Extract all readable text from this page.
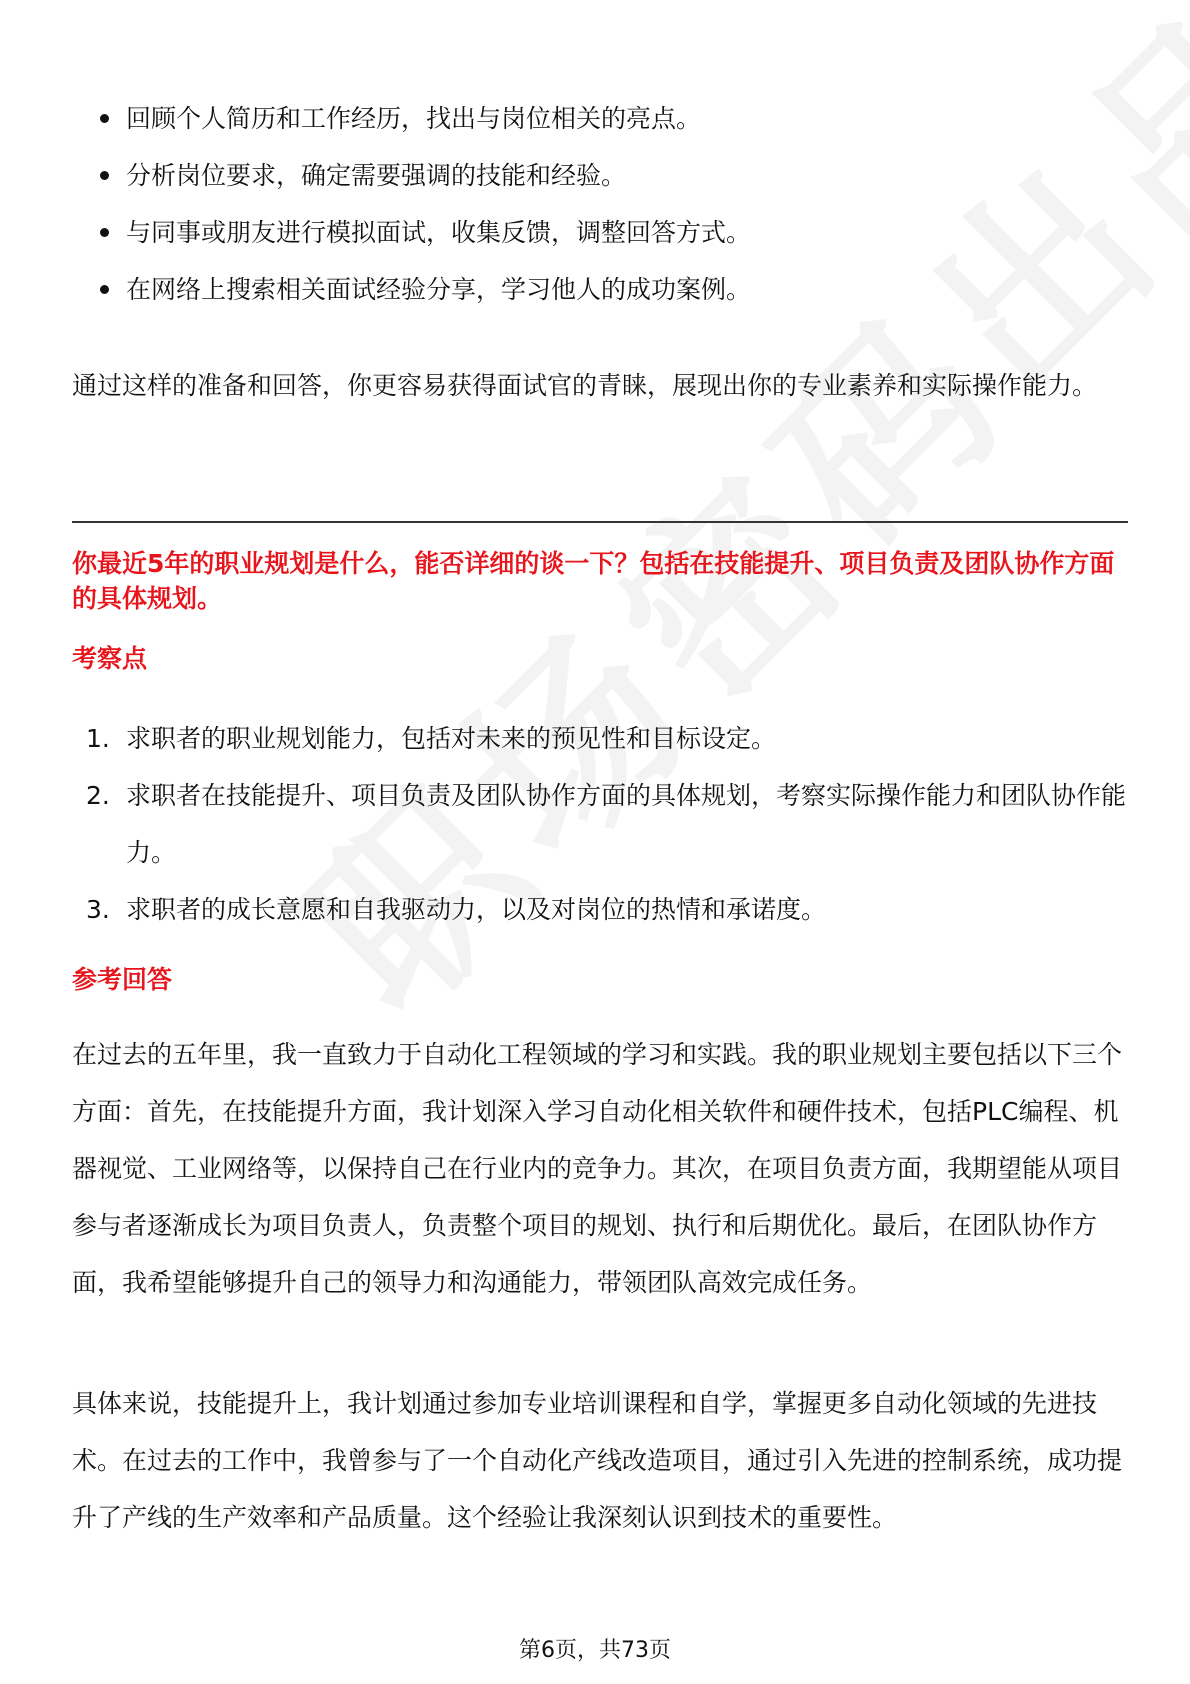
回顾个人简历和工作经历，找出与岗位相关的亮点。
分析岗位要求，确定需要强调的技能和经验。
与同事或朋友进行模拟面试，收集反馈，调整回答方式。
在网络上搜索相关面试经验分享，学习他人的成功案例。

通过这样的准备和回答，你更容易获得面试官的青睐，展现出你的专业素养和实际操作能力。

你最近5年的职业规划是什么，能否详细的谈一下？包括在技能提升、项目负责及团队协作方面的具体规划。

考察点

1. 求职者的职业规划能力，包括对未来的预见性和目标设定。
2. 求职者在技能提升、项目负责及团队协作方面的具体规划，考察实际操作能力和团队协作能力。
3. 求职者的成长意愿和自我驱动力，以及对岗位的热情和承诺度。

参考回答

在过去的五年里，我一直致力于自动化工程领域的学习和实践。我的职业规划主要包括以下三个方面：首先，在技能提升方面，我计划深入学习自动化相关软件和硬件技术，包括PLC编程、机器视觉、工业网络等，以保持自己在行业内的竞争力。其次，在项目负责方面，我期望能从项目参与者逐渐成长为项目负责人，负责整个项目的规划、执行和后期优化。最后，在团队协作方面，我希望能够提升自己的领导力和沟通能力，带领团队高效完成任务。

具体来说，技能提升上，我计划通过参加专业培训课程和自学，掌握更多自动化领域的先进技术。在过去的工作中，我曾参与了一个自动化产线改造项目，通过引入先进的控制系统，成功提升了产线的生产效率和产品质量。这个经验让我深刻认识到技术的重要性。

第6页，共73页
